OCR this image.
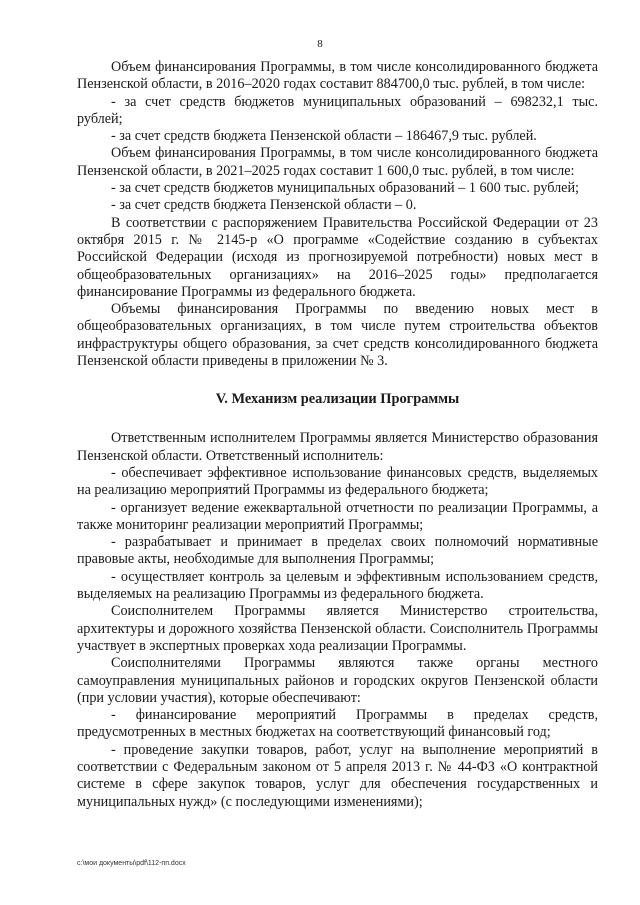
8

Объем финансирования Программы, в том числе консолидированного бюджета Пензенской области, в 2016–2020 годах составит 884700,0 тыс. рублей, в том числе:

- за счет средств бюджетов муниципальных образований – 698232,1 тыс. рублей;

- за счет средств бюджета Пензенской области – 186467,9 тыс. рублей.

Объем финансирования Программы, в том числе консолидированного бюджета Пензенской области, в 2021–2025 годах составит 1 600,0 тыс. рублей, в том числе:

- за счет средств бюджетов муниципальных образований – 1 600 тыс. рублей;

- за счет средств бюджета Пензенской области – 0.

В соответствии с распоряжением Правительства Российской Федерации от 23 октября 2015 г. № 2145-р «О программе «Содействие созданию в субъектах Российской Федерации (исходя из прогнозируемой потребности) новых мест в общеобразовательных организациях» на 2016–2025 годы» предполагается финансирование Программы из федерального бюджета.

Объемы финансирования Программы по введению новых мест в общеобразовательных организациях, в том числе путем строительства объектов инфраструктуры общего образования, за счет средств консолидированного бюджета Пензенской области приведены в приложении № 3.

V. Механизм реализации Программы

Ответственным исполнителем Программы является Министерство образования Пензенской области. Ответственный исполнитель:

- обеспечивает эффективное использование финансовых средств, выделяемых на реализацию мероприятий Программы из федерального бюджета;

- организует ведение ежеквартальной отчетности по реализации Программы, а также мониторинг реализации мероприятий Программы;

- разрабатывает и принимает в пределах своих полномочий нормативные правовые акты, необходимые для выполнения Программы;

- осуществляет контроль за целевым и эффективным использованием средств, выделяемых на реализацию Программы из федерального бюджета.

Соисполнителем Программы является Министерство строительства, архитектуры и дорожного хозяйства Пензенской области. Соисполнитель Программы участвует в экспертных проверках хода реализации Программы.

Соисполнителями Программы являются также органы местного самоуправления муниципальных районов и городских округов Пензенской области (при условии участия), которые обеспечивают:

- финансирование мероприятий Программы в пределах средств, предусмотренных в местных бюджетах на соответствующий финансовый год;

- проведение закупки товаров, работ, услуг на выполнение мероприятий в соответствии с Федеральным законом от 5 апреля 2013 г. № 44-ФЗ «О контрактной системе в сфере закупок товаров, услуг для обеспечения государственных и муниципальных нужд» (с последующими изменениями);

c:\мои документы\pdf\112-пп.docx
